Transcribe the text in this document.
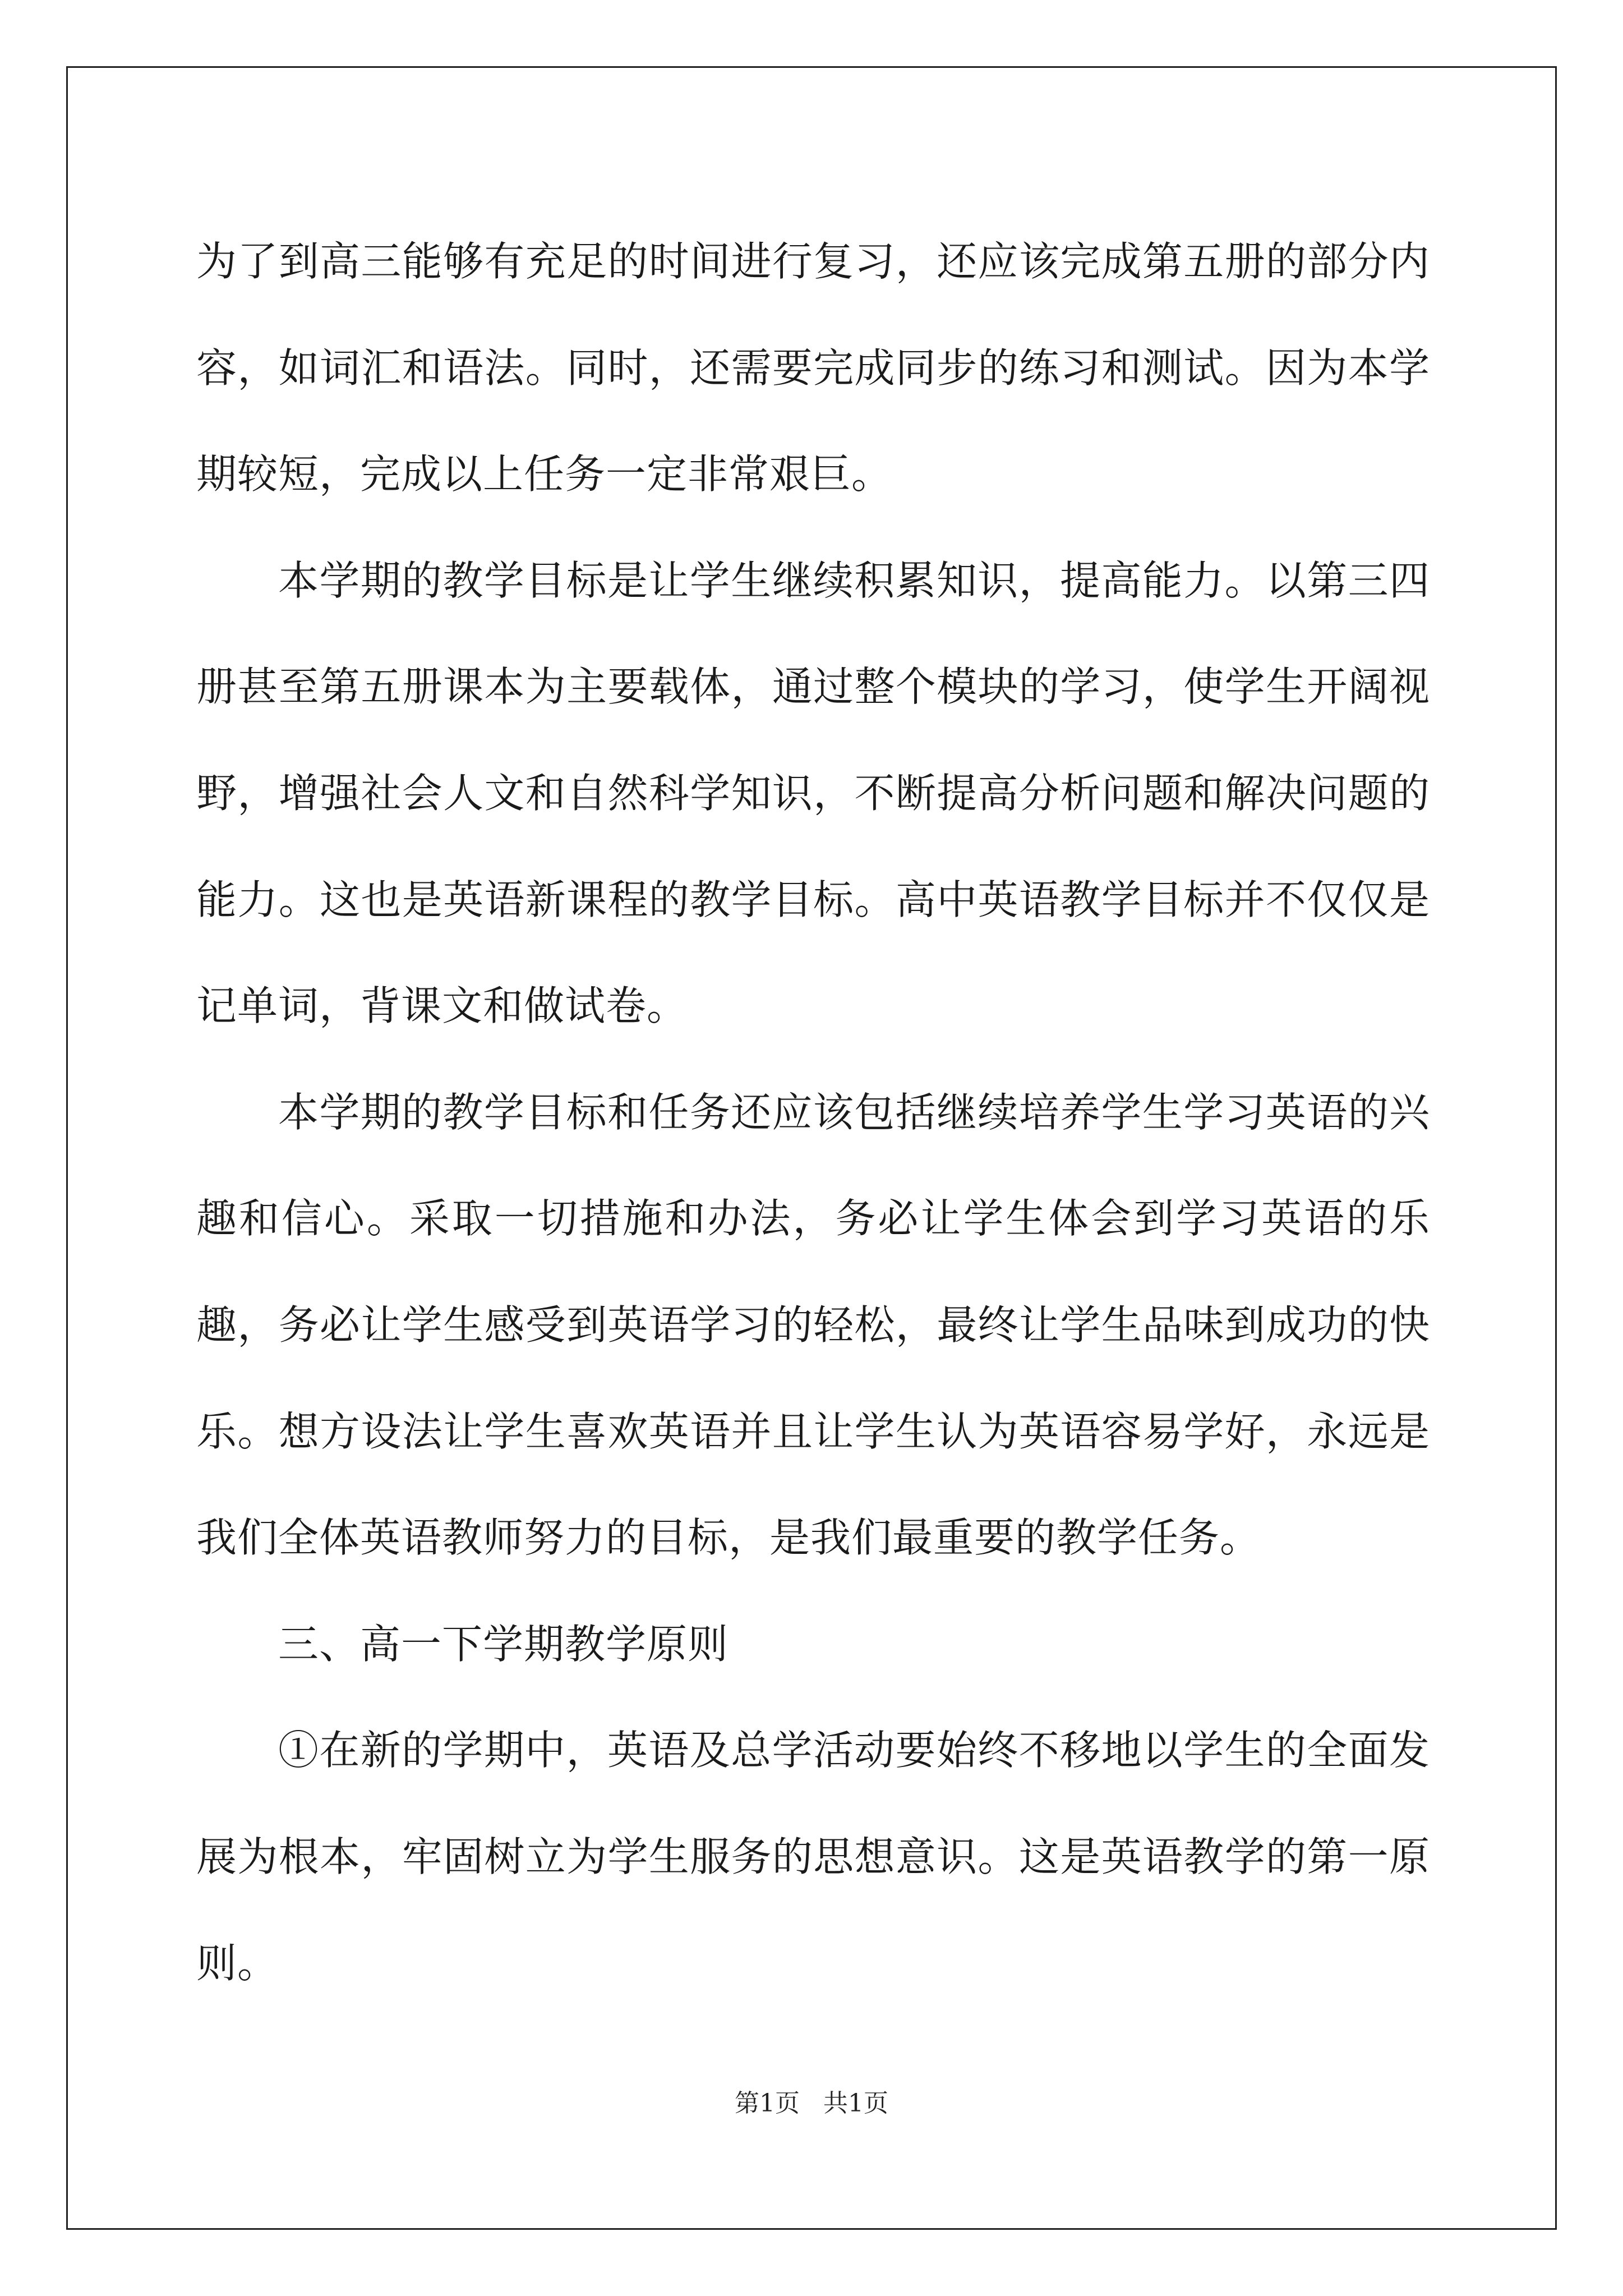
为了到高三能够有充足的时间进行复习，还应该完成第五册的部分内容，如词汇和语法。同时，还需要完成同步的练习和测试。因为本学期较短，完成以上任务一定非常艰巨。

本学期的教学目标是让学生继续积累知识，提高能力。以第三四册甚至第五册课本为主要载体，通过整个模块的学习，使学生开阔视野，增强社会人文和自然科学知识，不断提高分析问题和解决问题的能力。这也是英语新课程的教学目标。高中英语教学目标并不仅仅是记单词，背课文和做试卷。

本学期的教学目标和任务还应该包括继续培养学生学习英语的兴趣和信心。采取一切措施和办法，务必让学生体会到学习英语的乐趣，务必让学生感受到英语学习的轻松，最终让学生品味到成功的快乐。想方设法让学生喜欢英语并且让学生认为英语容易学好，永远是我们全体英语教师努力的目标，是我们最重要的教学任务。

三、高一下学期教学原则

①在新的学期中，英语及总学活动要始终不移地以学生的全面发展为根本，牢固树立为学生服务的思想意识。这是英语教学的第一原则。

第1页 共1页
